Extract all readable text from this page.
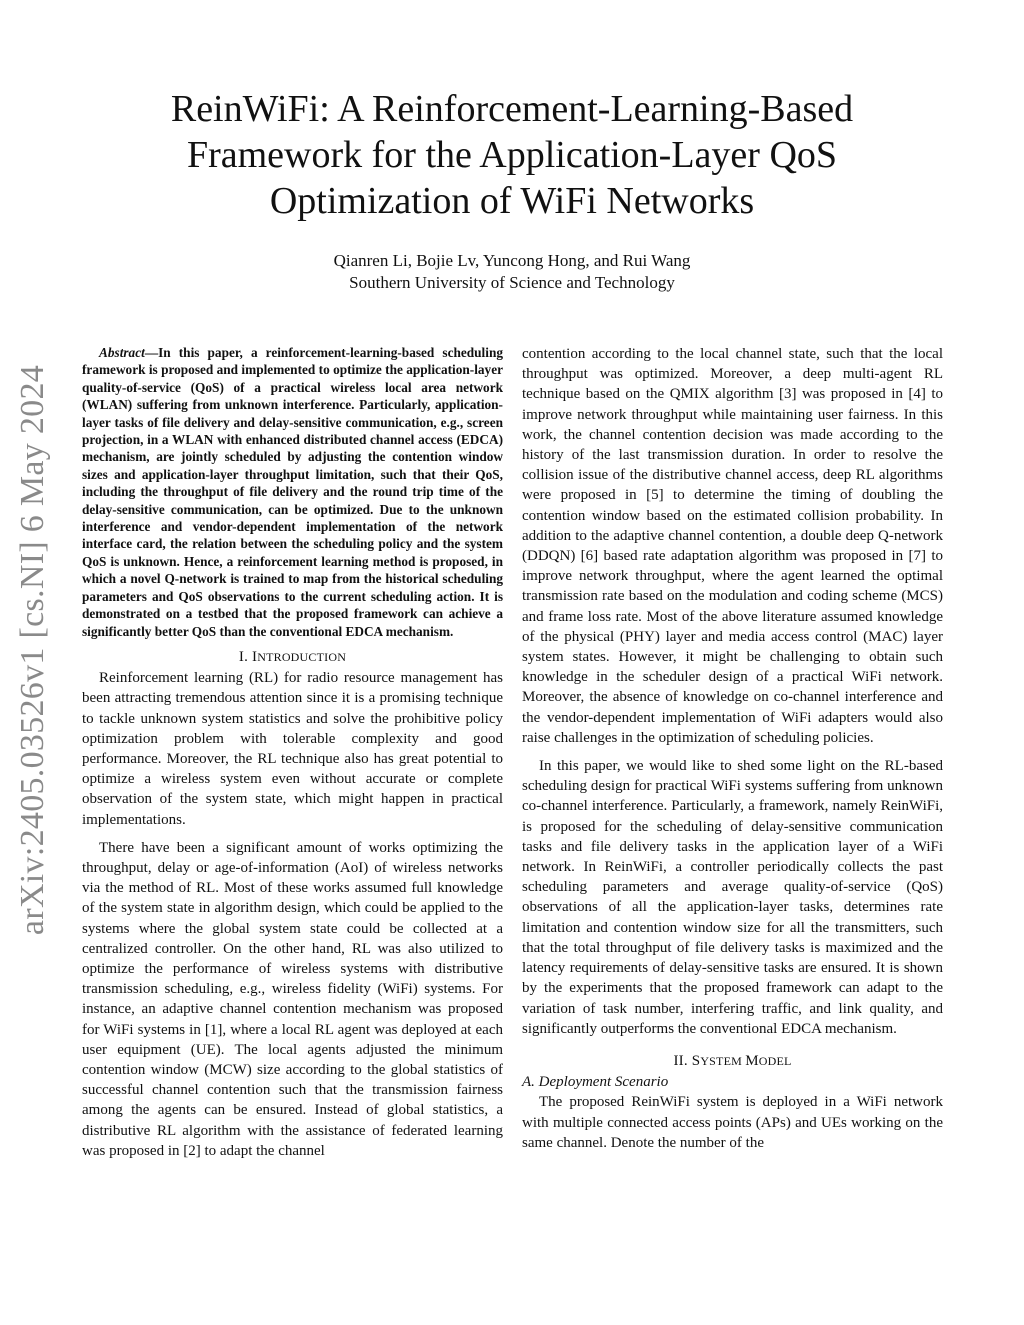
arXiv:2405.03526v1 [cs.NI] 6 May 2024
ReinWiFi: A Reinforcement-Learning-Based
Framework for the Application-Layer QoS
Optimization of WiFi Networks
Qianren Li, Bojie Lv, Yuncong Hong, and Rui Wang
Southern University of Science and Technology

Abstract—In this paper, a reinforcement-learning-based scheduling framework is proposed and implemented to optimize the application-layer quality-of-service (QoS) of a practical wireless local area network (WLAN) suffering from unknown interference. Particularly, application-layer tasks of file delivery and delay-sensitive communication, e.g., screen projection, in a WLAN with enhanced distributed channel access (EDCA) mechanism, are jointly scheduled by adjusting the contention window sizes and application-layer throughput limitation, such that their QoS, including the throughput of file delivery and the round trip time of the delay-sensitive communication, can be optimized. Due to the unknown interference and vendor-dependent implementation of the network interface card, the relation between the scheduling policy and the system QoS is unknown. Hence, a reinforcement learning method is proposed, in which a novel Q-network is trained to map from the historical scheduling parameters and QoS observations to the current scheduling action. It is demonstrated on a testbed that the proposed framework can achieve a significantly better QoS than the conventional EDCA mechanism.

I. INTRODUCTION

Reinforcement learning (RL) for radio resource management has been attracting tremendous attention since it is a promising technique to tackle unknown system statistics and solve the prohibitive policy optimization problem with tolerable complexity and good performance. Moreover, the RL technique also has great potential to optimize a wireless system even without accurate or complete observation of the system state, which might happen in practical implementations.

There have been a significant amount of works optimizing the throughput, delay or age-of-information (AoI) of wireless networks via the method of RL. Most of these works assumed full knowledge of the system state in algorithm design, which could be applied to the systems where the global system state could be collected at a centralized controller. On the other hand, RL was also utilized to optimize the performance of wireless systems with distributive transmission scheduling, e.g., wireless fidelity (WiFi) systems. For instance, an adaptive channel contention mechanism was proposed for WiFi systems in [1], where a local RL agent was deployed at each user equipment (UE). The local agents adjusted the minimum contention window (MCW) size according to the global statistics of successful channel contention such that the transmission fairness among the agents can be ensured. Instead of global statistics, a distributive RL algorithm with the assistance of federated learning was proposed in [2] to adapt the channel

contention according to the local channel state, such that the local throughput was optimized. Moreover, a deep multi-agent RL technique based on the QMIX algorithm [3] was proposed in [4] to improve network throughput while maintaining user fairness. In this work, the channel contention decision was made according to the history of the last transmission duration. In order to resolve the collision issue of the distributive channel access, deep RL algorithms were proposed in [5] to determine the timing of doubling the contention window based on the estimated collision probability. In addition to the adaptive channel contention, a double deep Q-network (DDQN) [6] based rate adaptation algorithm was proposed in [7] to improve network throughput, where the agent learned the optimal transmission rate based on the modulation and coding scheme (MCS) and frame loss rate. Most of the above literature assumed knowledge of the physical (PHY) layer and media access control (MAC) layer system states. However, it might be challenging to obtain such knowledge in the scheduler design of a practical WiFi network. Moreover, the absence of knowledge on co-channel interference and the vendor-dependent implementation of WiFi adapters would also raise challenges in the optimization of scheduling policies.

In this paper, we would like to shed some light on the RL-based scheduling design for practical WiFi systems suffering from unknown co-channel interference. Particularly, a framework, namely ReinWiFi, is proposed for the scheduling of delay-sensitive communication tasks and file delivery tasks in the application layer of a WiFi network. In ReinWiFi, a controller periodically collects the past scheduling parameters and average quality-of-service (QoS) observations of all the application-layer tasks, determines rate limitation and contention window size for all the transmitters, such that the total throughput of file delivery tasks is maximized and the latency requirements of delay-sensitive tasks are ensured. It is shown by the experiments that the proposed framework can adapt to the variation of task number, interfering traffic, and link quality, and significantly outperforms the conventional EDCA mechanism.

II. SYSTEM MODEL
A. Deployment Scenario

The proposed ReinWiFi system is deployed in a WiFi network with multiple connected access points (APs) and UEs working on the same channel. Denote the number of the
